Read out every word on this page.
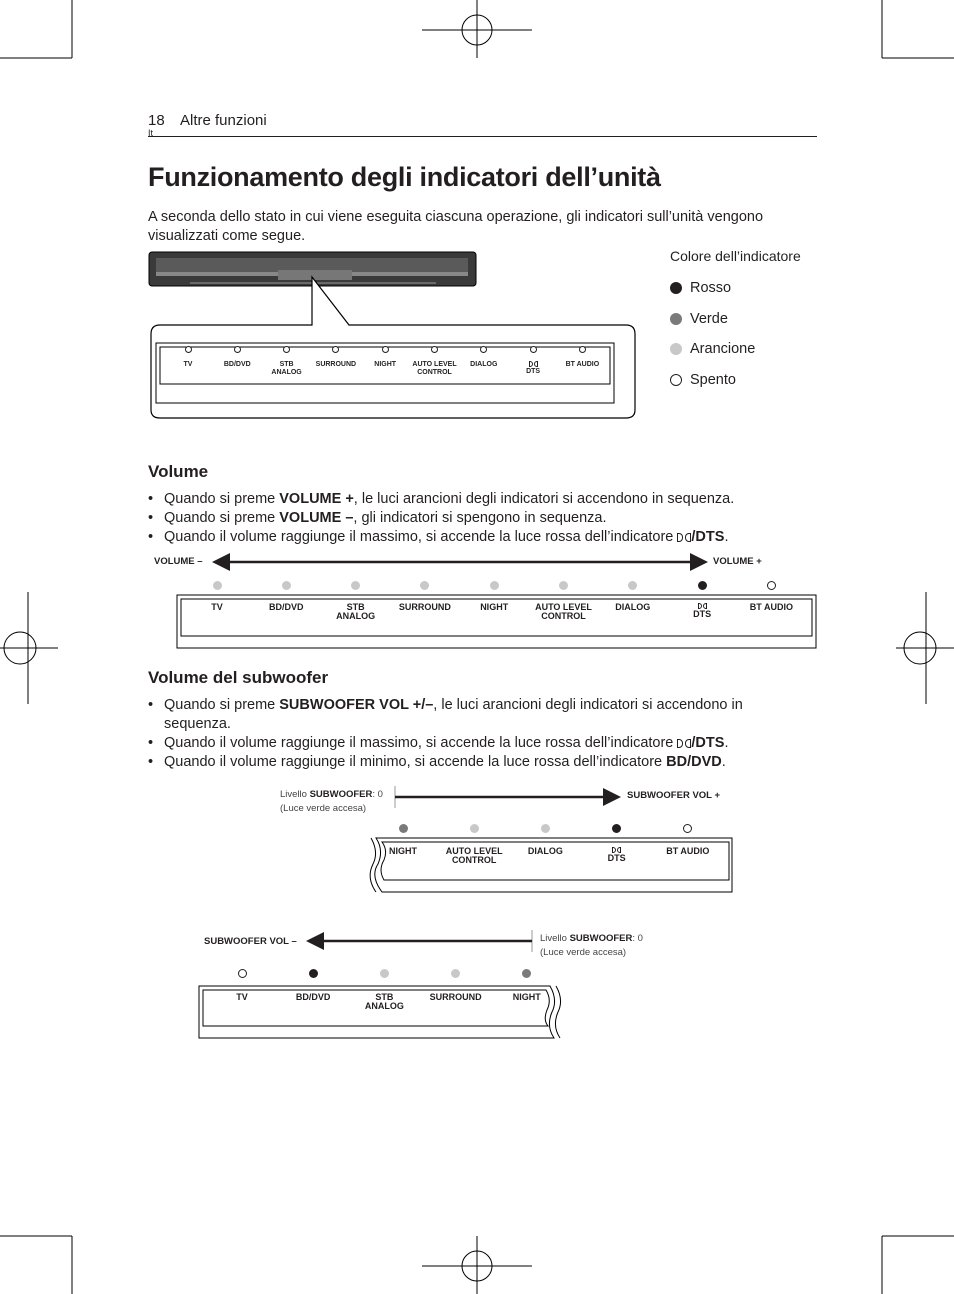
18
It
Altre funzioni
Funzionamento degli indicatori dell’unità
A seconda dello stato in cui viene eseguita ciascuna operazione, gli indicatori sull’unità vengono visualizzati come segue.
TV	BD/DVD	STB
ANALOG
SURROUND	NIGHT	AUTO LEVEL
CONTROL
DIALOG
DTS
BT AUDIO
Colore dell’indicatore
Rosso
Verde
Arancione
Spento
Volume
• Quando si preme VOLUME +, le luci arancioni degli indicatori si accendono in sequenza.
• Quando si preme VOLUME –, gli indicatori si spengono in sequenza.
• Quando il volume raggiunge il massimo, si accende la luce rossa dell’indicatore /DTS.
VOLUME –	VOLUME +
TV	BD/DVD	STB
ANALOG
SURROUND	NIGHT	AUTO LEVEL
CONTROL
DIALOG
DTS
BT AUDIO
Volume del subwoofer
• Quando si preme SUBWOOFER VOL +/–, le luci arancioni degli indicatori si accendono in sequenza.
• Quando il volume raggiunge il massimo, si accende la luce rossa dell’indicatore /DTS.
• Quando il volume raggiunge il minimo, si accende la luce rossa dell’indicatore BD/DVD.
Livello SUBWOOFER: 0
(Luce verde accesa)
SUBWOOFER VOL +
NIGHT	AUTO LEVEL
CONTROL
DIALOG
DTS
BT AUDIO
SUBWOOFER VOL –	Livello SUBWOOFER: 0
(Luce verde accesa)
TV	BD/DVD	STB
ANALOG
SURROUND	NIGHT
